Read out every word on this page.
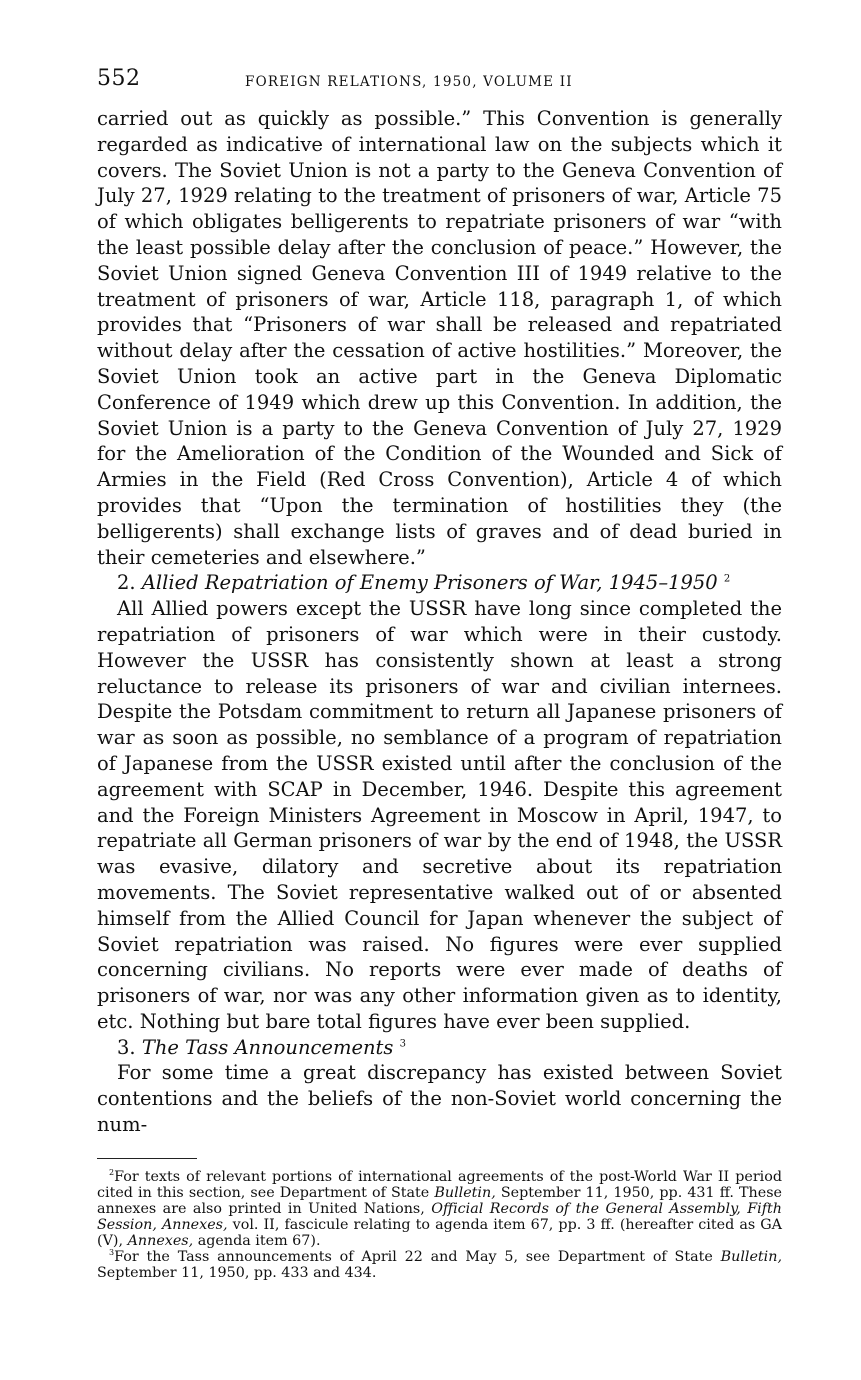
552	FOREIGN RELATIONS, 1950, VOLUME II

carried out as quickly as possible.” This Convention is generally regarded as indicative of international law on the subjects which it covers. The Soviet Union is not a party to the Geneva Convention of July 27, 1929 relating to the treatment of prisoners of war, Article 75 of which obligates belligerents to repatriate prisoners of war “with the least possible delay after the conclusion of peace.” However, the Soviet Union signed Geneva Convention III of 1949 relative to the treatment of prisoners of war, Article 118, paragraph 1, of which provides that “Prisoners of war shall be released and repatriated without delay after the cessation of active hostilities.” Moreover, the Soviet Union took an active part in the Geneva Diplomatic Conference of 1949 which drew up this Convention. In addition, the Soviet Union is a party to the Geneva Convention of July 27, 1929 for the Amelioration of the Condition of the Wounded and Sick of Armies in the Field (Red Cross Convention), Article 4 of which provides that “Upon the termination of hostilities they (the belligerents) shall exchange lists of graves and of dead buried in their cemeteries and elsewhere.”

2. Allied Repatriation of Enemy Prisoners of War, 1945–1950 $^2$

All Allied powers except the USSR have long since completed the repatriation of prisoners of war which were in their custody. However the USSR has consistently shown at least a strong reluctance to release its prisoners of war and civilian internees. Despite the Potsdam commitment to return all Japanese prisoners of war as soon as possible, no semblance of a program of repatriation of Japanese from the USSR existed until after the conclusion of the agreement with SCAP in December, 1946. Despite this agreement and the Foreign Ministers Agreement in Moscow in April, 1947, to repatriate all German prisoners of war by the end of 1948, the USSR was evasive, dilatory and secretive about its repatriation movements. The Soviet representative walked out of or absented himself from the Allied Council for Japan whenever the subject of Soviet repatriation was raised. No figures were ever supplied concerning civilians. No reports were ever made of deaths of prisoners of war, nor was any other information given as to identity, etc. Nothing but bare total figures have ever been supplied.

3. The Tass Announcements $^3$

For some time a great discrepancy has existed between Soviet contentions and the beliefs of the non-Soviet world concerning the num-

$^2$For texts of relevant portions of international agreements of the post-World War II period cited in this section, see Department of State Bulletin, September 11, 1950, pp. 431 ff. These annexes are also printed in United Nations, Official Records of the General Assembly, Fifth Session, Annexes, vol. II, fascicule relating to agenda item 67, pp. 3 ff. (hereafter cited as GA (V), Annexes, agenda item 67).

$^3$For the Tass announcements of April 22 and May 5, see Department of State Bulletin, September 11, 1950, pp. 433 and 434.
